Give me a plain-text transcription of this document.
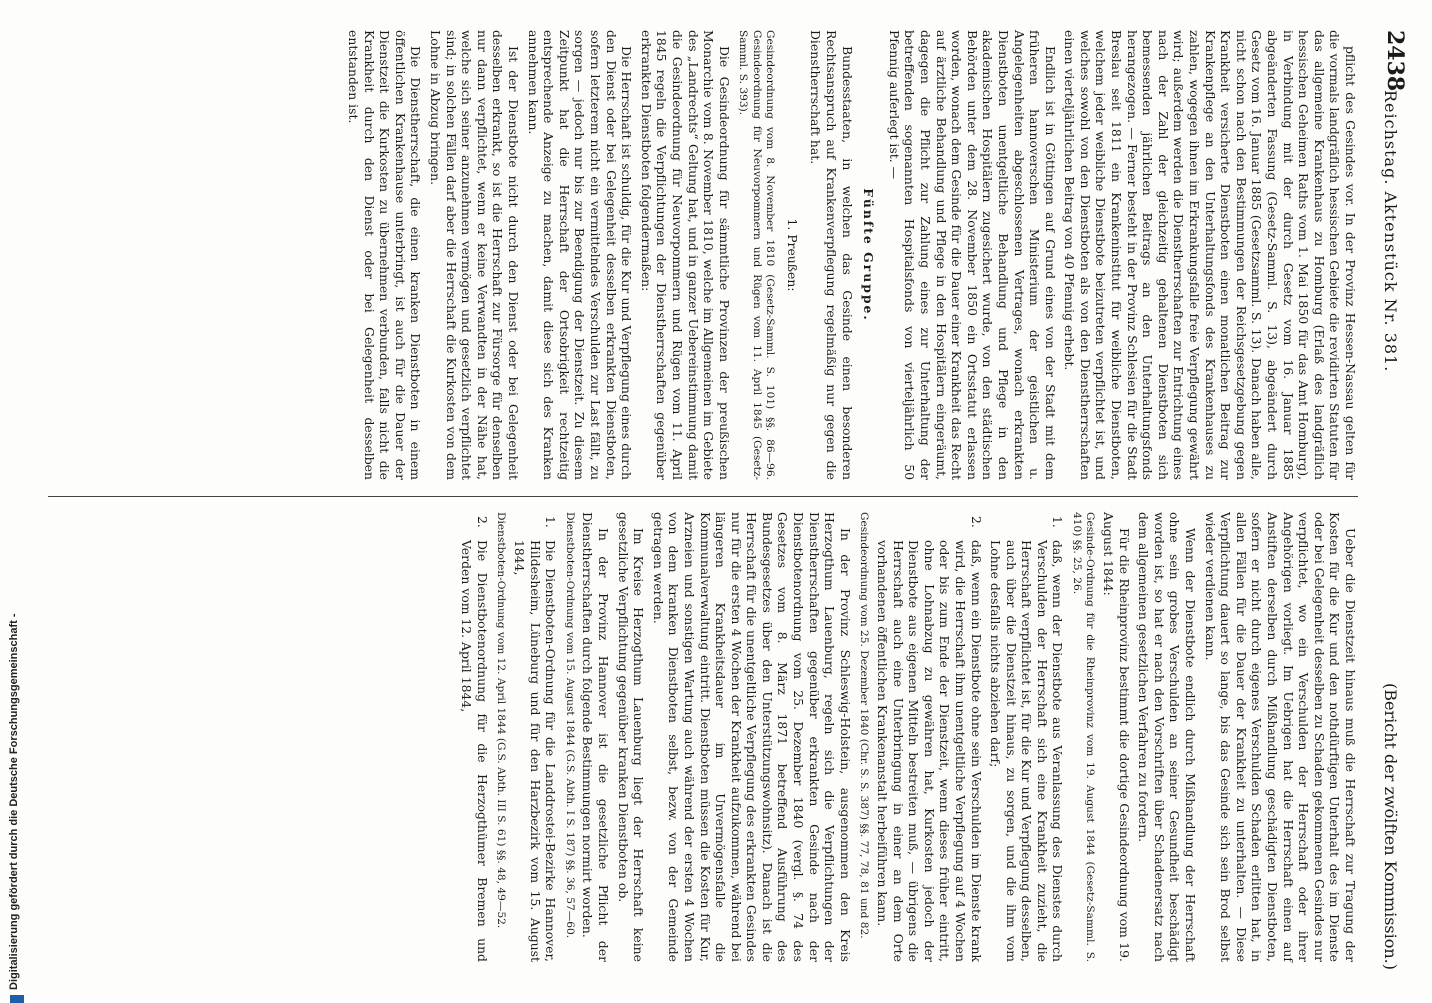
2438
Reichstag. Aktenstück Nr. 381.
(Bericht der zwölften Kommission.)

pflicht des Gesindes vor. In der Provinz Hessen-Nassau gelten für die vormals landgräflich hessischen Gebiete die revidirten Statuten für das allgemeine Krankenhaus zu Homburg (Erlaß des landgräflich hessischen Geheimen Raths vom 1. Mai 1850 für das Amt Homburg), in Verbindung mit der durch Gesetz vom 16. Januar 1885 abgeänderten Fassung (Gesetz-Samml. S. 13), abgeändert durch Gesetz vom 16. Januar 1885 (Gesetzsamml. S. 13). Danach haben alle, nicht schon nach den Bestimmungen der Reichsgesetzgebung gegen Krankheit versicherte Dienstboten einen monatlichen Beitrag zur Krankenpflege an den Unterhaltungsfonds des Krankenhauses zu zahlen, wogegen ihnen im Erkrankungsfalle freie Verpflegung gewährt wird; außerdem werden die Dienstherrschaften zur Entrichtung eines nach der Zahl der gleichzeitig gehaltenen Dienstboten sich bemessenden jährlichen Beitrags an den Unterhaltungsfonds herangezogen. — Ferner besteht in der Provinz Schlesien für die Stadt Breslau seit 1811 ein Krankeninstitut für weibliche Dienstboten, welchem jeder weibliche Dienstbote beizutreten verpflichtet ist, und welches sowohl von den Dienstboten als von den Dienstherrschaften einen vierteljährlichen Beitrag von 40 Pfennig erhebt.

Endlich ist in Göttingen auf Grund eines von der Stadt mit dem früheren hannoverschen Ministerium der geistlichen u. Angelegenheiten abgeschlossenen Vertrages, wonach erkrankten Dienstboten unentgeltliche Behandlung und Pflege in den akademischen Hospitälern zugesichert wurde, von den städtischen Behörden unter dem 28. November 1850 ein Ortsstatut erlassen worden, wonach dem Gesinde für die Dauer einer Krankheit das Recht auf ärztliche Behandlung und Pflege in den Hospitälern eingeräumt, dagegen die Pflicht zur Zahlung eines zur Unterhaltung der betreffenden sogenannten Hospitalsfonds von vierteljährlich 50 Pfennig auferlegt ist. —

Fünfte Gruppe.

Bundesstaaten, in welchen das Gesinde einen besonderen Rechtsanspruch auf Krankenverpflegung regelmäßig nur gegen die Dienstherrschaft hat.

1. Preußen:

Gesindeordnung vom 8. November 1810 (Gesetz-Samml. S. 101) §§. 86—96. Gesindeordnung für Neuvorpommern und Rügen vom 11. April 1845 (Gesetz-Samml. S. 393).

Die Gesindeordnung für sämmtliche Provinzen der preußischen Monarchie vom 8. November 1810, welche im Allgemeinen im Gebiete des „Landrechts“ Geltung hat, und in ganzer Uebereinstimmung damit die Gesindeordnung für Neuvorpommern und Rügen vom 11. April 1845 regeln die Verpflichtungen der Dienstherrschaften gegenüber erkrankten Dienstboten folgendermaßen:

Die Herrschaft ist schuldig, für die Kur und Verpflegung eines durch den Dienst oder bei Gelegenheit desselben erkrankten Dienstboten, sofern letzterem nicht ein vermittelndes Verschulden zur Last fällt, zu sorgen — jedoch nur bis zur Beendigung der Dienstzeit. Zu diesem Zeitpunkt hat die Herrschaft der Ortsobrigkeit rechtzeitig entsprechende Anzeige zu machen, damit diese sich des Kranken annehmen kann.

Ist der Dienstbote nicht durch den Dienst oder bei Gelegenheit desselben erkrankt, so ist die Herrschaft zur Fürsorge für denselben nur dann verpflichtet, wenn er keine Verwandten in der Nähe hat, welche sich seiner anzunehmen vermögen und gesetzlich verpflichtet sind; in solchen Fällen darf aber die Herrschaft die Kurkosten von dem Lohne in Abzug bringen.

Die Dienstherrschaft, die einen kranken Dienstboten in einem öffentlichen Krankenhause unterbringt, ist auch für die Dauer der Dienstzeit die Kurkosten zu übernehmen verbunden, falls nicht die Krankheit durch den Dienst oder bei Gelegenheit desselben entstanden ist.

Ueber die Dienstzeit hinaus muß die Herrschaft zur Tragung der Kosten für die Kur und den nothdürftigen Unterhalt des im Dienste oder bei Gelegenheit desselben zu Schaden gekommenen Gesindes nur verpflichtet, wo ein Verschulden der Herrschaft oder ihrer Angehörigen vorliegt. Im Uebrigen hat die Herrschaft einen auf Anstiften derselben durch Mißhandlung geschädigten Dienstboten, sofern er nicht durch eigenes Verschulden Schaden erlitten hat, in allen Fällen für die Dauer der Krankheit zu unterhalten. — Diese Verpflichtung dauert so lange, bis das Gesinde sich sein Brod selbst wieder verdienen kann.

Wenn der Dienstbote endlich durch Mißhandlung der Herrschaft ohne sein grobes Verschulden an seiner Gesundheit beschädigt worden ist, so hat er nach den Vorschriften über Schadenersatz nach dem allgemeinen gesetzlichen Verfahren zu fordern.

Für die Rheinprovinz bestimmt die dortige Gesindeordnung vom 19. August 1844:

Gesinde-Ordnung für die Rheinprovinz vom 19. August 1844 (Gesetz-Samml. S. 410) §§. 25, 26.

1.
daß, wenn der Dienstbote aus Veranlassung des Dienstes durch Verschulden der Herrschaft sich eine Krankheit zuzieht, die Herrschaft verpflichtet ist, für die Kur und Verpflegung desselben, auch über die Dienstzeit hinaus, zu sorgen, und die ihm vom Lohne desfalls nichts abziehen darf;

2.
daß, wenn ein Dienstbote ohne sein Verschulden im Dienste krank wird, die Herrschaft ihm unentgeltliche Verpflegung auf 4 Wochen oder bis zum Ende der Dienstzeit, wenn dieses früher eintritt, ohne Lohnabzug zu gewähren hat, Kurkosten jedoch der Dienstbote aus eigenen Mitteln bestreiten muß, — übrigens die Herrschaft auch eine Unterbringung in einer an dem Orte vorhandenen öffentlichen Krankenanstalt herbeiführen kann.

Gesindeordnung vom 25. Dezember 1840 (Chr. S. S. 387) §§. 77, 78, 81 und 82.

In der Provinz Schleswig-Holstein, ausgenommen den Kreis Herzogthum Lauenburg, regeln sich die Verpflichtungen der Dienstherrschaften gegenüber erkrankten Gesinde nach der Dienstbotenordnung vom 25. Dezember 1840 (vergl. §. 74 des Gesetzes vom 8. März 1871 betreffend Ausführung des Bundesgesetzes über den Unterstützungswohnsitz). Danach ist die Herrschaft für die unentgeltliche Verpflegung des erkrankten Gesindes nur für die ersten 4 Wochen der Krankheit aufzukommen, während bei längeren Krankheitsdauer im Unvermögensfalle die Kommunalverwaltung eintritt. Dienstboten müssen die Kosten für Kur, Arzneien und sonstigen Wartung auch während der ersten 4 Wochen von dem kranken Dienstboten selbst, bezw. von der Gemeinde getragen werden.

Im Kreise Herzogthum Lauenburg liegt der Herrschaft keine gesetzliche Verpflichtung gegenüber kranken Dienstboten ob.

In der Provinz Hannover ist die gesetzliche Pflicht der Dienstherrschaften durch folgende Bestimmungen normirt worden.

Dienstboten-Ordnung vom 15. August 1844 (G.S. Abth. I S. 187) §§. 36, 57—60.

1.
Die Dienstboten-Ordnung für die Landdrostei-Bezirke Hannover, Hildesheim, Lüneburg und für den Harzbezirk vom 15. August 1844,

Dienstboten-Ordnung vom 12. April 1844 (G.S. Abth. III S. 61) §§. 48, 49—52.

2.
Die Dienstbotenordnung für die Herzogthümer Bremen und Verden vom 12. April 1844,

Digitalisierung gefördert durch die Deutsche Forschungsgemeinschaft -
